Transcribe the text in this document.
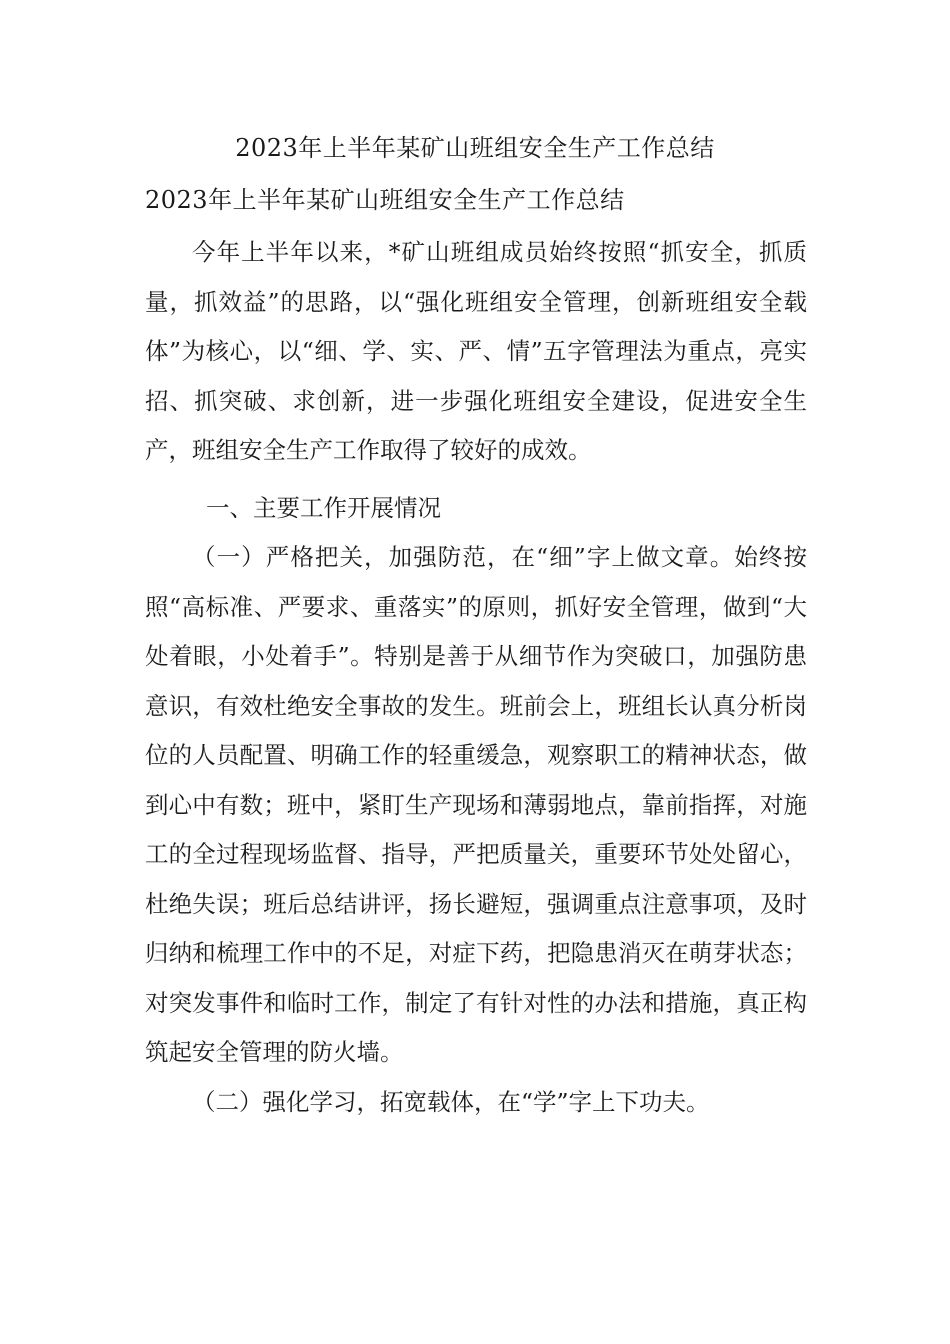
2023年上半年某矿山班组安全生产工作总结
2023年上半年某矿山班组安全生产工作总结

今年上半年以来，*矿山班组成员始终按照“抓安全，抓质量，抓效益”的思路，以“强化班组安全管理，创新班组安全载体”为核心，以“细、学、实、严、情”五字管理法为重点，亮实招、抓突破、求创新，进一步强化班组安全建设，促进安全生产，班组安全生产工作取得了较好的成效。

一、主要工作开展情况

（一）严格把关，加强防范，在“细”字上做文章。始终按照“高标准、严要求、重落实”的原则，抓好安全管理，做到“大处着眼，小处着手”。特别是善于从细节作为突破口，加强防患意识，有效杜绝安全事故的发生。班前会上，班组长认真分析岗位的人员配置、明确工作的轻重缓急，观察职工的精神状态，做到心中有数；班中，紧盯生产现场和薄弱地点，靠前指挥，对施工的全过程现场监督、指导，严把质量关，重要环节处处留心，杜绝失误；班后总结讲评，扬长避短，强调重点注意事项，及时归纳和梳理工作中的不足，对症下药，把隐患消灭在萌芽状态；对突发事件和临时工作，制定了有针对性的办法和措施，真正构筑起安全管理的防火墙。

（二）强化学习，拓宽载体，在“学”字上下功夫。
